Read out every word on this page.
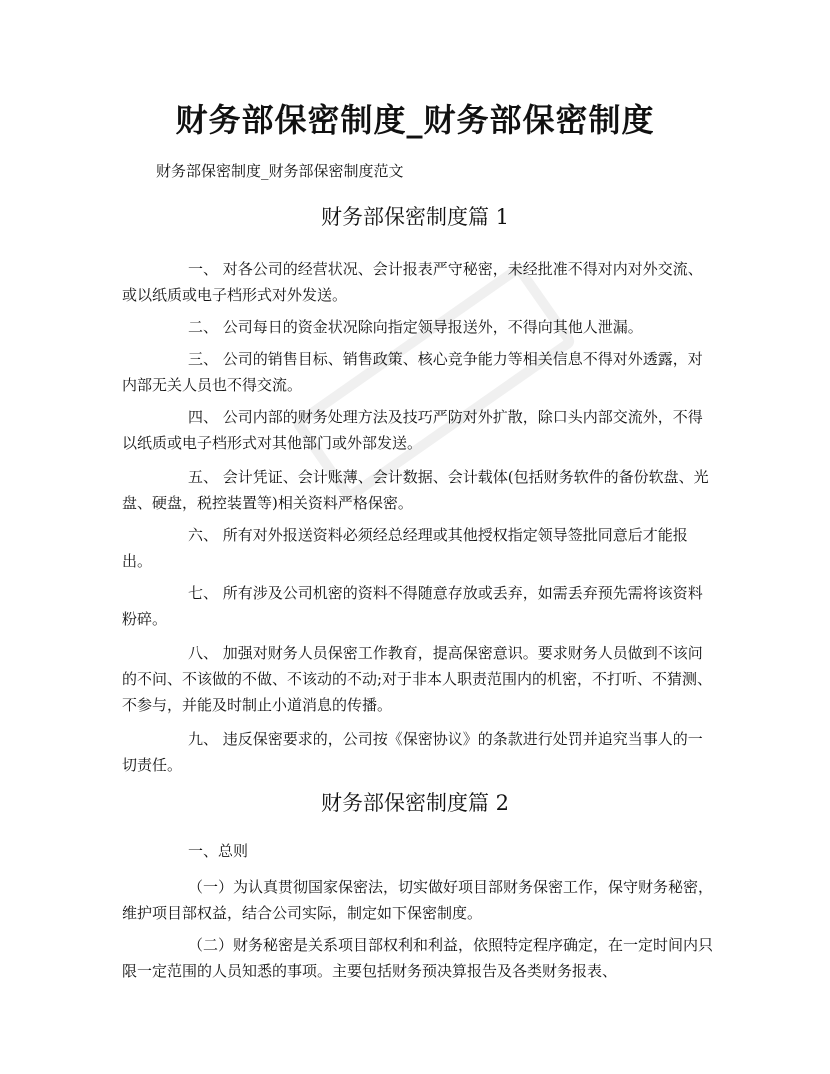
财务部保密制度_财务部保密制度
财务部保密制度_财务部保密制度范文
财务部保密制度篇 1

一、 对各公司的经营状况、会计报表严守秘密，未经批准不得对内对外交流、或以纸质或电子档形式对外发送。

二、 公司每日的资金状况除向指定领导报送外，不得向其他人泄漏。

三、 公司的销售目标、销售政策、核心竞争能力等相关信息不得对外透露，对内部无关人员也不得交流。

四、 公司内部的财务处理方法及技巧严防对外扩散，除口头内部交流外，不得以纸质或电子档形式对其他部门或外部发送。

五、 会计凭证、会计账薄、会计数据、会计载体(包括财务软件的备份软盘、光盘、硬盘，税控装置等)相关资料严格保密。

六、 所有对外报送资料必须经总经理或其他授权指定领导签批同意后才能报出。

七、 所有涉及公司机密的资料不得随意存放或丢弃，如需丢弃预先需将该资料粉碎。

八、 加强对财务人员保密工作教育，提高保密意识。要求财务人员做到不该问的不问、不该做的不做、不该动的不动;对于非本人职责范围内的机密，不打听、不猜测、不参与，并能及时制止小道消息的传播。

九、 违反保密要求的，公司按《保密协议》的条款进行处罚并追究当事人的一切责任。

财务部保密制度篇 2

一、总则

（一）为认真贯彻国家保密法，切实做好项目部财务保密工作，保守财务秘密，维护项目部权益，结合公司实际，制定如下保密制度。

（二）财务秘密是关系项目部权利和利益，依照特定程序确定，在一定时间内只限一定范围的人员知悉的事项。主要包括财务预决算报告及各类财务报表、
